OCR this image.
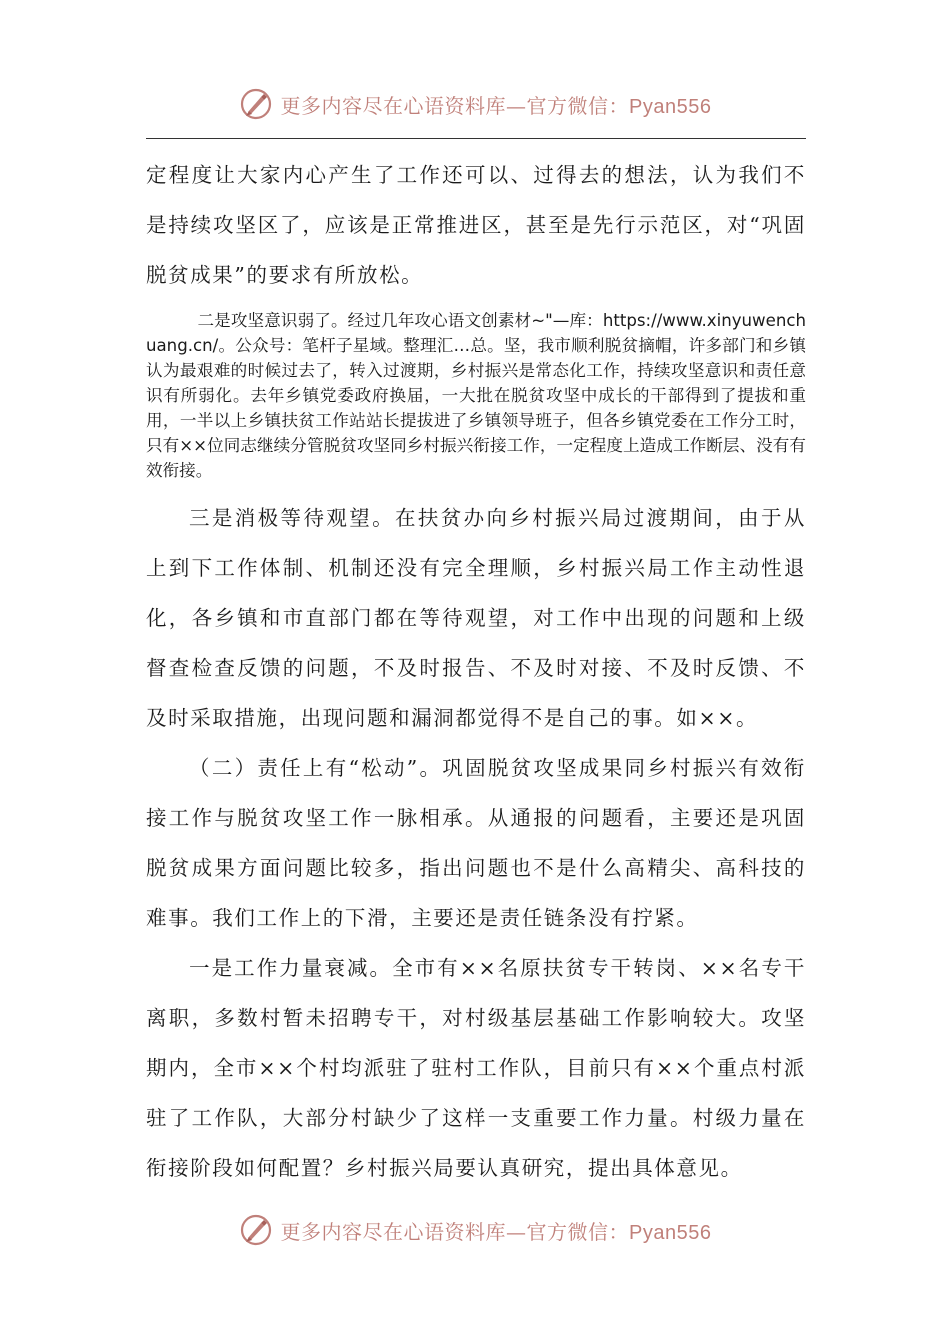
更多内容尽在心语资料库—官方微信：Pyan556

定程度让大家内心产生了工作还可以、过得去的想法，认为我们不是持续攻坚区了，应该是正常推进区，甚至是先行示范区，对“巩固脱贫成果”的要求有所放松。

二是攻坚意识弱了。经过几年攻心语文创素材~"—库：https://www.xinyuwenchuang.cn/。公众号：笔杆子星域。整理汇…总。坚，我市顺利脱贫摘帽，许多部门和乡镇认为最艰难的时候过去了，转入过渡期，乡村振兴是常态化工作，持续攻坚意识和责任意识有所弱化。去年乡镇党委政府换届，一大批在脱贫攻坚中成长的干部得到了提拔和重用，一半以上乡镇扶贫工作站站长提拔进了乡镇领导班子，但各乡镇党委在工作分工时，只有××位同志继续分管脱贫攻坚同乡村振兴衔接工作，一定程度上造成工作断层、没有有效衔接。

三是消极等待观望。在扶贫办向乡村振兴局过渡期间，由于从上到下工作体制、机制还没有完全理顺，乡村振兴局工作主动性退化，各乡镇和市直部门都在等待观望，对工作中出现的问题和上级督查检查反馈的问题，不及时报告、不及时对接、不及时反馈、不及时采取措施，出现问题和漏洞都觉得不是自己的事。如××。

（二）责任上有“松动”。巩固脱贫攻坚成果同乡村振兴有效衔接工作与脱贫攻坚工作一脉相承。从通报的问题看，主要还是巩固脱贫成果方面问题比较多，指出问题也不是什么高精尖、高科技的难事。我们工作上的下滑，主要还是责任链条没有拧紧。

一是工作力量衰减。全市有××名原扶贫专干转岗、××名专干离职，多数村暂未招聘专干，对村级基层基础工作影响较大。攻坚期内，全市××个村均派驻了驻村工作队，目前只有××个重点村派驻了工作队，大部分村缺少了这样一支重要工作力量。村级力量在衔接阶段如何配置？乡村振兴局要认真研究，提出具体意见。

更多内容尽在心语资料库—官方微信：Pyan556
